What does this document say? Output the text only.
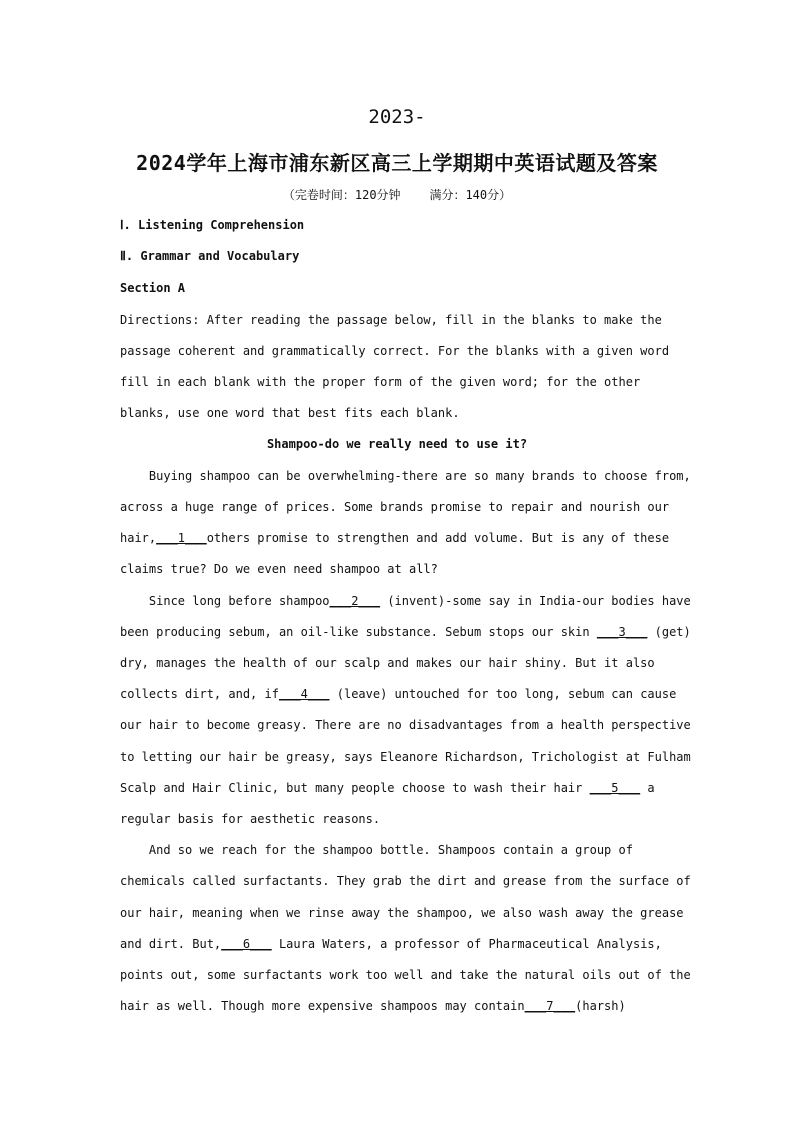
2023-
2024学年上海市浦东新区高三上学期期中英语试题及答案
（完卷时间：120分钟    满分：140分）
Ⅰ. Listening Comprehension
Ⅱ. Grammar and Vocabulary
Section A
Directions: After reading the passage below, fill in the blanks to make the
passage coherent and grammatically correct. For the blanks with a given word
fill in each blank with the proper form of the given word; for the other
blanks, use one word that best fits each blank.
Shampoo-do we really need to use it?
Buying shampoo can be overwhelming-there are so many brands to choose from,
across a huge range of prices. Some brands promise to repair and nourish our
hair,___1___others promise to strengthen and add volume. But is any of these
claims true? Do we even need shampoo at all?
Since long before shampoo___2___ (invent)-some say in India-our bodies have
been producing sebum, an oil-like substance. Sebum stops our skin ___3___ (get)
dry, manages the health of our scalp and makes our hair shiny. But it also
collects dirt, and, if___4___ (leave) untouched for too long, sebum can cause
our hair to become greasy. There are no disadvantages from a health perspective
to letting our hair be greasy, says Eleanore Richardson, Trichologist at Fulham
Scalp and Hair Clinic, but many people choose to wash their hair ___5___ a
regular basis for aesthetic reasons.
And so we reach for the shampoo bottle. Shampoos contain a group of
chemicals called surfactants. They grab the dirt and grease from the surface of
our hair, meaning when we rinse away the shampoo, we also wash away the grease
and dirt. But,___6___ Laura Waters, a professor of Pharmaceutical Analysis,
points out, some surfactants work too well and take the natural oils out of the
hair as well. Though more expensive shampoos may contain___7___(harsh)
